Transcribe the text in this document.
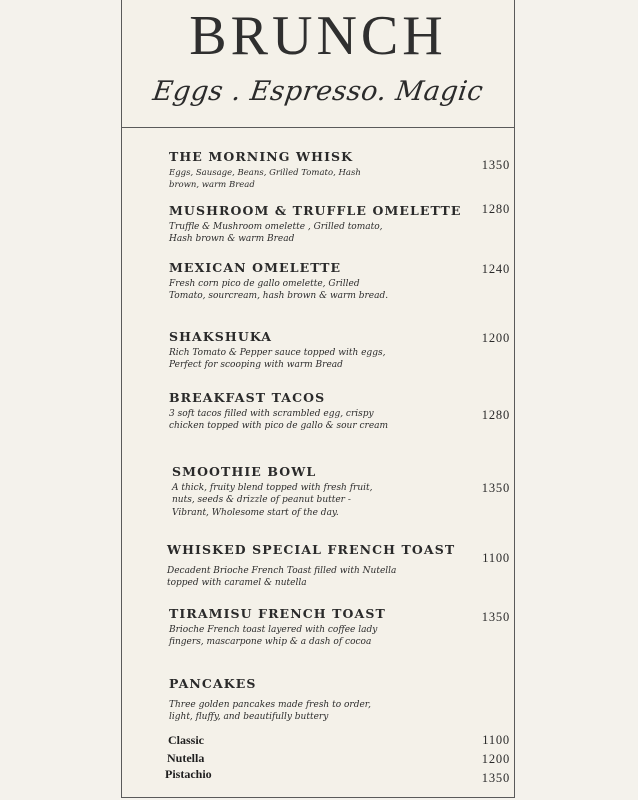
BRUNCH
Eggs . Espresso. Magic
THE MORNING WHISK
Eggs, Sausage, Beans, Grilled Tomato, Hash brown, warm Bread
1350
MUSHROOM & TRUFFLE OMELETTE
Truffle & Mushroom omelette , Grilled tomato, Hash brown & warm Bread
1280
MEXICAN OMELETTE
Fresh corn pico de gallo omelette, Grilled Tomato, sourcream, hash brown & warm bread.
1240
SHAKSHUKA
Rich Tomato & Pepper sauce topped with eggs, Perfect for scooping with warm Bread
1200
BREAKFAST TACOS
3 soft tacos filled with scrambled egg, crispy chicken topped with pico de gallo & sour cream
1280
SMOOTHIE BOWL
A thick, fruity blend topped with fresh fruit, nuts, seeds & drizzle of peanut butter - Vibrant, Wholesome start of the day.
1350
WHISKED SPECIAL FRENCH TOAST
Decadent Brioche French Toast filled with Nutella topped with caramel & nutella
1100
TIRAMISU FRENCH TOAST
Brioche French toast layered with coffee lady fingers, mascarpone whip & a dash of cocoa
1350
PANCAKES
Three golden pancakes made fresh to order, light, fluffy, and beautifully buttery
Classic	1100
Nutella	1200
Pistachio	1350
